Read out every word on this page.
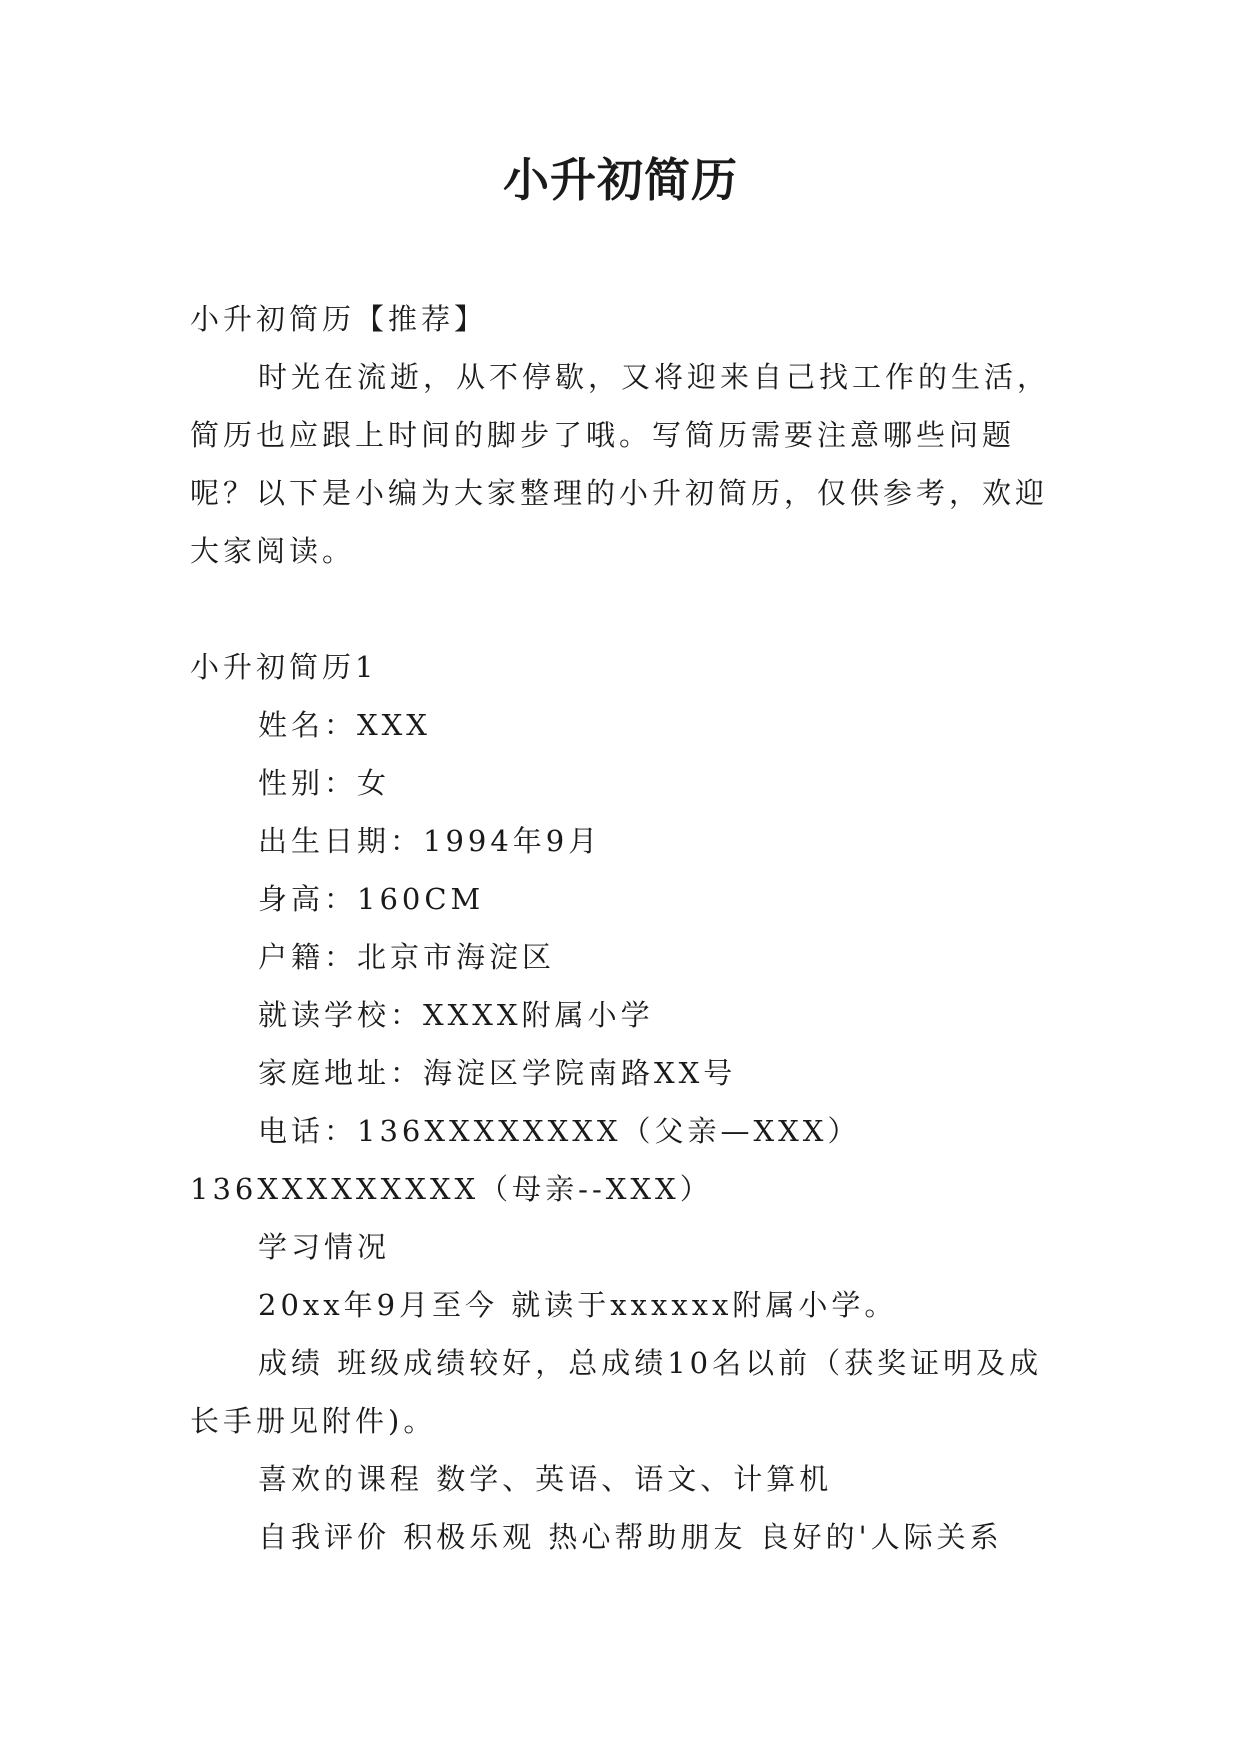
小升初简历

小升初简历【推荐】

时光在流逝，从不停歇，又将迎来自己找工作的生活，简历也应跟上时间的脚步了哦。写简历需要注意哪些问题呢？以下是小编为大家整理的小升初简历，仅供参考，欢迎大家阅读。

小升初简历1

姓名：XXX

性别：女

出生日期：1994年9月

身高：160CM

户籍：北京市海淀区

就读学校：XXXX附属小学

家庭地址：海淀区学院南路XX号

电话：136XXXXXXXX（父亲—XXX） 136XXXXXXXXX（母亲--XXX）

学习情况

20xx年9月至今 就读于xxxxxx附属小学。

成绩 班级成绩较好，总成绩10名以前（获奖证明及成长手册见附件)。

喜欢的课程 数学、英语、语文、计算机

自我评价 积极乐观 热心帮助朋友 良好的'人际关系
